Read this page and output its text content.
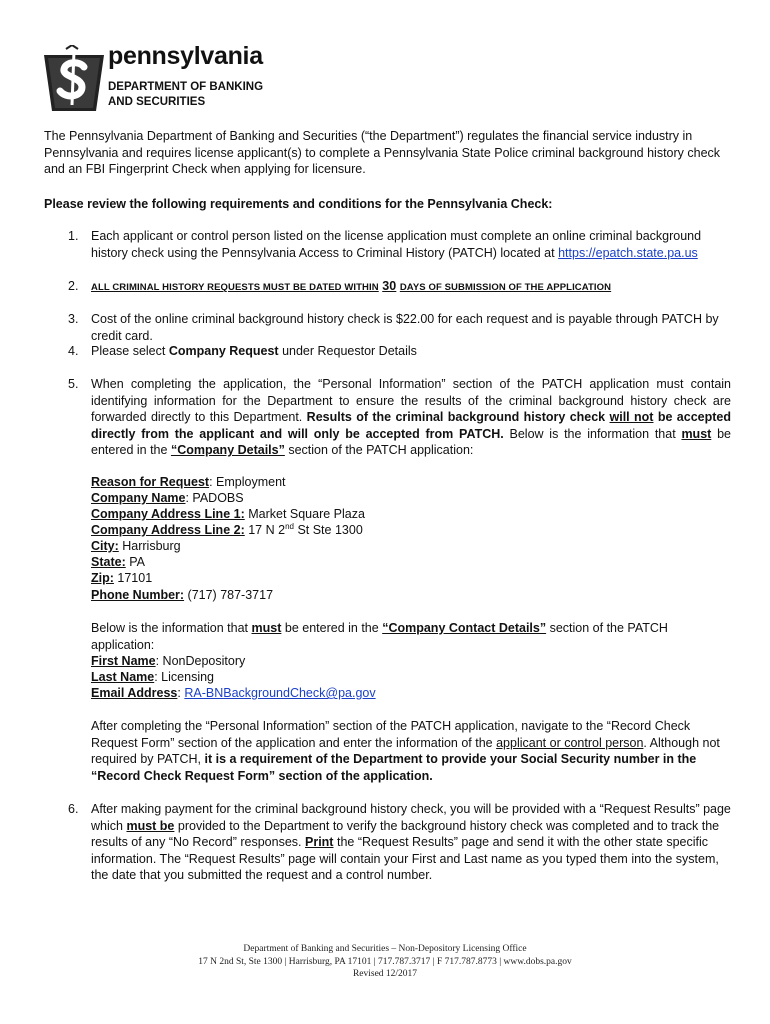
pennsylvania
DEPARTMENT OF BANKING
AND SECURITIES
The Pennsylvania Department of Banking and Securities (“the Department”) regulates the financial service industry in Pennsylvania and requires license applicant(s) to complete a Pennsylvania State Police criminal background history check and an FBI Fingerprint Check when applying for licensure.
Please review the following requirements and conditions for the Pennsylvania Check:
1. Each applicant or control person listed on the license application must complete an online criminal background history check using the Pennsylvania Access to Criminal History (PATCH) located at https://epatch.state.pa.us
2. ALL CRIMINAL HISTORY REQUESTS MUST BE DATED WITHIN 30 DAYS OF SUBMISSION OF THE APPLICATION
3. Cost of the online criminal background history check is $22.00 for each request and is payable through PATCH by credit card.
4. Please select Company Request under Requestor Details
5. When completing the application, the “Personal Information” section of the PATCH application must contain identifying information for the Department to ensure the results of the criminal background history check are forwarded directly to this Department. Results of the criminal background history check will not be accepted directly from the applicant and will only be accepted from PATCH. Below is the information that must be entered in the “Company Details” section of the PATCH application:
Reason for Request: Employment
Company Name: PADOBS
Company Address Line 1: Market Square Plaza
Company Address Line 2: 17 N 2nd St Ste 1300
City: Harrisburg
State: PA
Zip: 17101
Phone Number: (717) 787-3717
Below is the information that must be entered in the “Company Contact Details” section of the PATCH application:
First Name: NonDepository
Last Name: Licensing
Email Address: RA-BNBackgroundCheck@pa.gov
After completing the “Personal Information” section of the PATCH application, navigate to the “Record Check Request Form” section of the application and enter the information of the applicant or control person. Although not required by PATCH, it is a requirement of the Department to provide your Social Security number in the “Record Check Request Form” section of the application.
6. After making payment for the criminal background history check, you will be provided with a “Request Results” page which must be provided to the Department to verify the background history check was completed and to track the results of any “No Record” responses. Print the “Request Results” page and send it with the other state specific information. The “Request Results” page will contain your First and Last name as you typed them into the system, the date that you submitted the request and a control number.
Department of Banking and Securities – Non-Depository Licensing Office
17 N 2nd St, Ste 1300 | Harrisburg, PA 17101 | 717.787.3717 | F 717.787.8773 | www.dobs.pa.gov
Revised 12/2017
